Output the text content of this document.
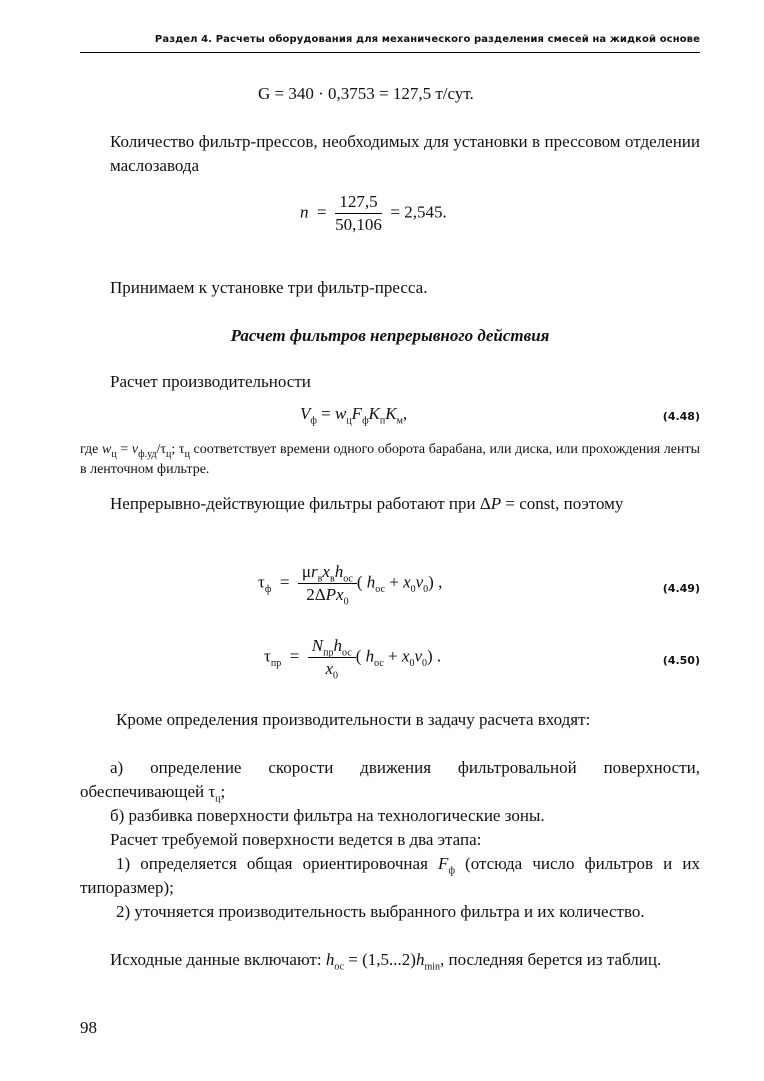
Раздел 4. Расчеты оборудования для механического разделения смесей на жидкой основе
G = 340 · 0,3753 = 127,5 т/сут.
Количество фильтр-прессов, необходимых для установки в прессовом отделении маслозавода
$n = \frac{127,5}{50,106} = 2,545$.
Принимаем к установке три фильтр-пресса.
Расчет фильтров непрерывного действия
Расчет производительности
$V_ф = w_цF_фK_пK_м$,	(4.48)
где $w_ц = v_{ф.уд}/\tau_ц$; $\tau_ц$ соответствует времени одного оборота барабана, или диска, или прохождения ленты в ленточном фильтре.
Непрерывно-действующие фильтры работают при ΔP = const, поэтому
$\tau_ф = \frac{\mu r_вx_вh_{ос}}{2\Delta Px_0}$ ( $h_{ос} + x_0v_0$) ,	(4.49)
$\tau_{пр} = \frac{N_{пр}h_{ос}}{x_0}$ ( $h_{ос} + x_0v_0$) .	(4.50)
Кроме определения производительности в задачу расчета входят:
а) определение скорости движения фильтровальной поверхности, обеспечивающей $\tau_ц$;
б) разбивка поверхности фильтра на технологические зоны.
Расчет требуемой поверхности ведется в два этапа:
1) определяется общая ориентировочная $F_ф$ (отсюда число фильтров и их типоразмер);
2) уточняется производительность выбранного фильтра и их количество.
Исходные данные включают: $h_{ос} = (1,5...2)h_{min}$, последняя берется из таблиц.
98
